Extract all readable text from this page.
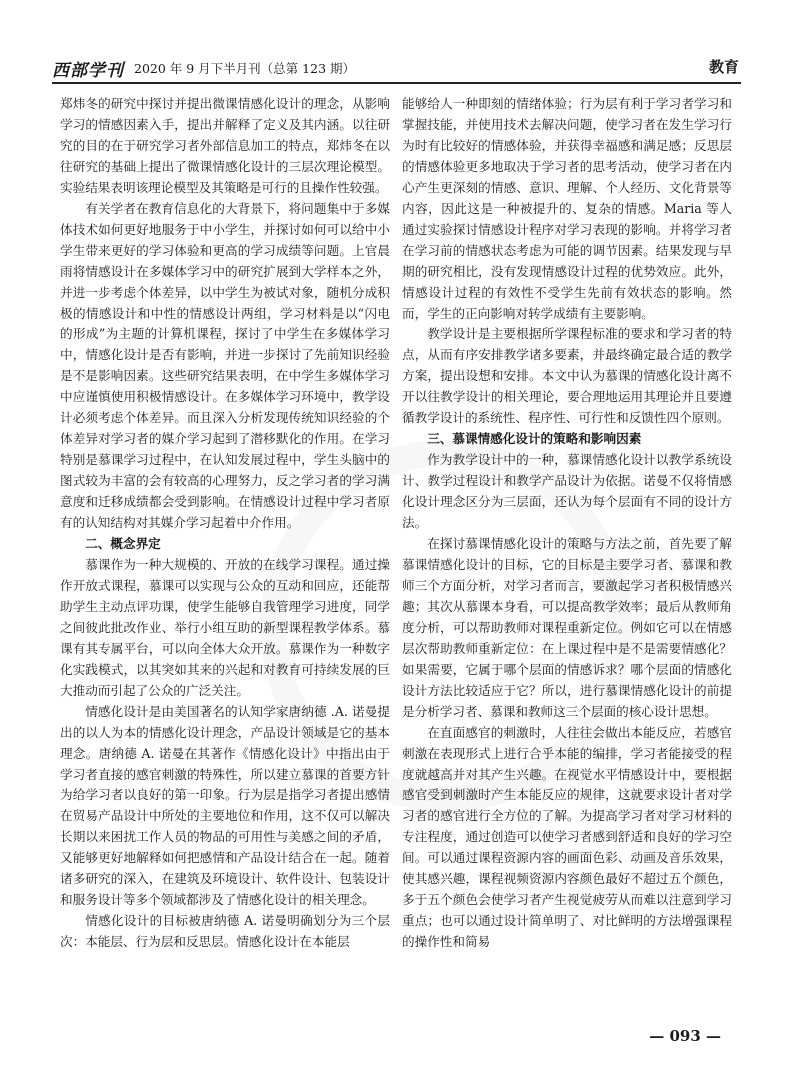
西部学刊 2020 年 9 月下半月刊（总第 123 期）	教育

郑炜冬的研究中探讨并提出微课情感化设计的理念，从影响学习的情感因素入手，提出并解释了定义及其内涵。以往研究的目的在于研究学习者外部信息加工的特点，郑炜冬在以往研究的基础上提出了微课情感化设计的三层次理论模型。实验结果表明该理论模型及其策略是可行的且操作性较强。

有关学者在教育信息化的大背景下，将问题集中于多媒体技术如何更好地服务于中小学生，并探讨如何可以给中小学生带来更好的学习体验和更高的学习成绩等问题。上官晨雨将情感设计在多媒体学习中的研究扩展到大学样本之外，并进一步考虑个体差异，以中学生为被试对象，随机分成积极的情感设计和中性的情感设计两组，学习材料是以“闪电的形成”为主题的计算机课程，探讨了中学生在多媒体学习中，情感化设计是否有影响，并进一步探讨了先前知识经验是不是影响因素。这些研究结果表明，在中学生多媒体学习中应谨慎使用积极情感设计。在多媒体学习环境中，教学设计必须考虑个体差异。而且深入分析发现传统知识经验的个体差异对学习者的媒介学习起到了潜移默化的作用。在学习特别是慕课学习过程中，在认知发展过程中，学生头脑中的图式较为丰富的会有较高的心理努力，反之学习者的学习满意度和迁移成绩都会受到影响。在情感设计过程中学习者原有的认知结构对其媒介学习起着中介作用。

二、概念界定

慕课作为一种大规模的、开放的在线学习课程。通过操作开放式课程，慕课可以实现与公众的互动和回应，还能帮助学生主动点评功课，使学生能够自我管理学习进度，同学之间彼此批改作业、举行小组互助的新型课程教学体系。慕课有其专属平台，可以向全体大众开放。慕课作为一种数字化实践模式，以其突如其来的兴起和对教育可持续发展的巨大推动而引起了公众的广泛关注。

情感化设计是由美国著名的认知学家唐纳德 .A. 诺曼提出的以人为本的情感化设计理念，产品设计领域是它的基本理念。唐纳德 A. 诺曼在其著作《情感化设计》中指出由于学习者直接的感官刺激的特殊性，所以建立慕课的首要方针为给学习者以良好的第一印象。行为层是指学习者提出感情在贸易产品设计中所处的主要地位和作用，这不仅可以解决长期以来困扰工作人员的物品的可用性与美感之间的矛盾，又能够更好地解释如何把感情和产品设计结合在一起。随着诸多研究的深入，在建筑及环境设计、软件设计、包装设计和服务设计等多个领域都涉及了情感化设计的相关理念。

情感化设计的目标被唐纳德 A. 诺曼明确划分为三个层次：本能层、行为层和反思层。情感化设计在本能层

能够给人一种即刻的情绪体验；行为层有利于学习者学习和掌握技能，并使用技术去解决问题，使学习者在发生学习行为时有比较好的情感体验，并获得幸福感和满足感；反思层的情感体验更多地取决于学习者的思考活动，使学习者在内心产生更深刻的情感、意识、理解、个人经历、文化背景等内容，因此这是一种被提升的、复杂的情感。Maria 等人通过实验探讨情感设计程序对学习表现的影响。并将学习者在学习前的情感状态考虑为可能的调节因素。结果发现与早期的研究相比，没有发现情感设计过程的优势效应。此外，情感设计过程的有效性不受学生先前有效状态的影响。然而，学生的正向影响对转学成绩有主要影响。

教学设计是主要根据所学课程标准的要求和学习者的特点，从而有序安排教学诸多要素，并最终确定最合适的教学方案，提出设想和安排。本文中认为慕课的情感化设计离不开以往教学设计的相关理论，要合理地运用其理论并且要遵循教学设计的系统性、程序性、可行性和反馈性四个原则。

三、慕课情感化设计的策略和影响因素

作为教学设计中的一种，慕课情感化设计以教学系统设计、教学过程设计和教学产品设计为依据。诺曼不仅将情感化设计理念区分为三层面，还认为每个层面有不同的设计方法。

在探讨慕课情感化设计的策略与方法之前，首先要了解慕课情感化设计的目标，它的目标是主要学习者、慕课和教师三个方面分析，对学习者而言，要激起学习者积极情感兴趣；其次从慕课本身看，可以提高教学效率；最后从教师角度分析，可以帮助教师对课程重新定位。例如它可以在情感层次帮助教师重新定位：在上课过程中是不是需要情感化？如果需要，它属于哪个层面的情感诉求？哪个层面的情感化设计方法比较适应于它？所以，进行慕课情感化设计的前提是分析学习者、慕课和教师这三个层面的核心设计思想。

在直面感官的刺激时，人往往会做出本能反应，若感官刺激在表现形式上进行合乎本能的编排，学习者能接受的程度就越高并对其产生兴趣。在视觉水平情感设计中，要根据感官受到刺激时产生本能反应的规律，这就要求设计者对学习者的感官进行全方位的了解。为提高学习者对学习材料的专注程度，通过创造可以使学习者感到舒适和良好的学习空间。可以通过课程资源内容的画面色彩、动画及音乐效果，使其感兴趣，课程视频资源内容颜色最好不超过五个颜色，多于五个颜色会使学习者产生视觉疲劳从而难以注意到学习重点；也可以通过设计简单明了、对比鲜明的方法增强课程的操作性和简易

— 093 —
